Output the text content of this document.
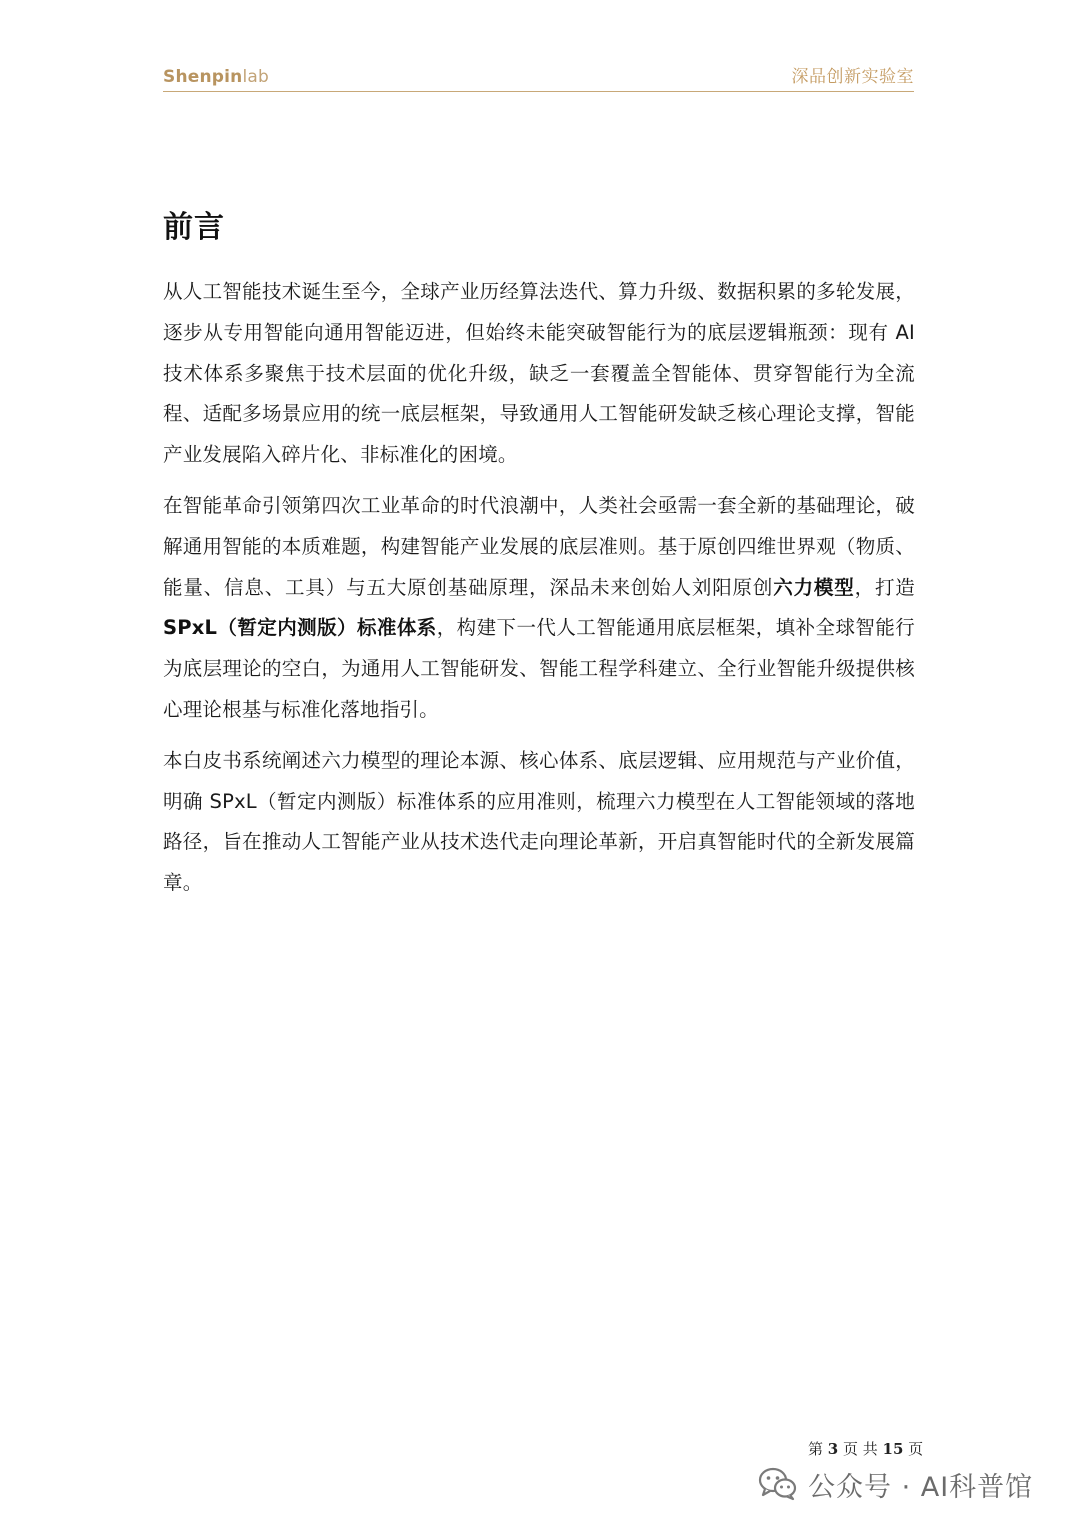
Shenpinlab	深品创新实验室
前言

从人工智能技术诞生至今，全球产业历经算法迭代、算力升级、数据积累的多轮发展，逐步从专用智能向通用智能迈进，但始终未能突破智能行为的底层逻辑瓶颈：现有 AI 技术体系多聚焦于技术层面的优化升级，缺乏一套覆盖全智能体、贯穿智能行为全流程、适配多场景应用的统一底层框架，导致通用人工智能研发缺乏核心理论支撑，智能产业发展陷入碎片化、非标准化的困境。

在智能革命引领第四次工业革命的时代浪潮中，人类社会亟需一套全新的基础理论，破解通用智能的本质难题，构建智能产业发展的底层准则。基于原创四维世界观（物质、能量、信息、工具）与五大原创基础原理，深品未来创始人刘阳原创六力模型，打造 SPxL（暂定内测版）标准体系，构建下一代人工智能通用底层框架，填补全球智能行为底层理论的空白，为通用人工智能研发、智能工程学科建立、全行业智能升级提供核心理论根基与标准化落地指引。

本白皮书系统阐述六力模型的理论本源、核心体系、底层逻辑、应用规范与产业价值，明确 SPxL（暂定内测版）标准体系的应用准则，梳理六力模型在人工智能领域的落地路径，旨在推动人工智能产业从技术迭代走向理论革新，开启真智能时代的全新发展篇章。

第 3 页 共 15 页
公众号 · AI科普馆
